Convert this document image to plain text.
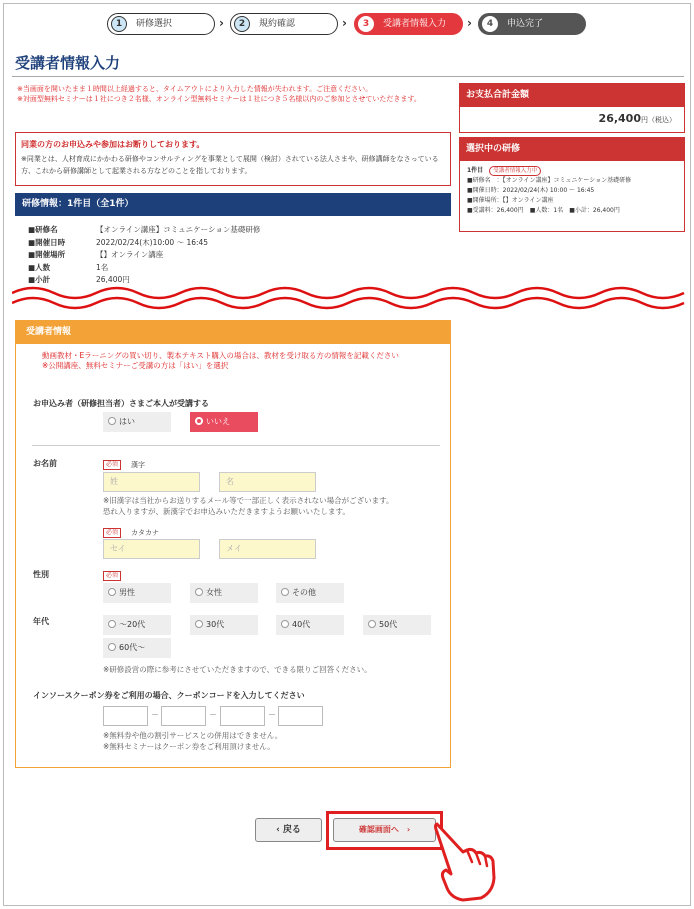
1	研修選択	›	2	規約確認	›	3	受講者情報入力	›	4	申込完了
受講者情報入力
※当画面を開いたまま１時間以上経過すると、タイムアウトにより入力した情報が失われます。ご注意ください。
※対面型無料セミナーは１社につき２名様、オンライン型無料セミナーは１社につき５名様以内のご参加とさせていただきます。
同業の方のお申込みや参加はお断りしております。
※同業とは、人材育成にかかわる研修やコンサルティングを事業として展開（検討）されている法人さまや、研修講師をなさっている方、これから研修講師として起業される方などのことを指しております。
研修情報：1件目（全1件）
■研修名	【オンライン講座】コミュニケーション基礎研修
■開催日時	2022/02/24(木)10:00 ～ 16:45
■開催場所	【】オンライン講座
■人数	1名
■小計	26,400円
お支払合計金額
26,400円（税込）
選択中の研修
1件目 受講者情報入力中
■研修名　：【オンライン講座】コミュニケーション基礎研修
■開催日時：2022/02/24(木) 10:00 ～ 16:45
■開催場所：【】オンライン講座
■受講料：26,400円　 ■人数：1名　 ■小計：26,400円
受講者情報
動画教材・Eラーニングの買い切り、製本テキスト購入の場合は、教材を受け取る方の情報を記載ください
※公開講座、無料セミナーご受講の方は「はい」を選択
お申込み者（研修担当者）さまご本人が受講する
はい	いいえ
お名前	必須	漢字
姓	名
※旧漢字は当社からお送りするメール等で一部正しく表示されない場合がございます。
恐れ入りますが、新漢字でお申込みいただきますようお願いいたします。
必須	カタカナ
セイ	メイ
性別	必須
男性	女性	その他
年代	～20代	30代	40代	50代
60代～
※研修設営の際に参考にさせていただきますので、できる限りご回答ください。
インソースクーポン券をご利用の場合、クーポンコードを入力してください
－	－	－
※無料券や他の割引サービスとの併用はできません。
※無料セミナーはクーポン券をご利用頂けません。
‹ 戻る	確認画面へ　›
